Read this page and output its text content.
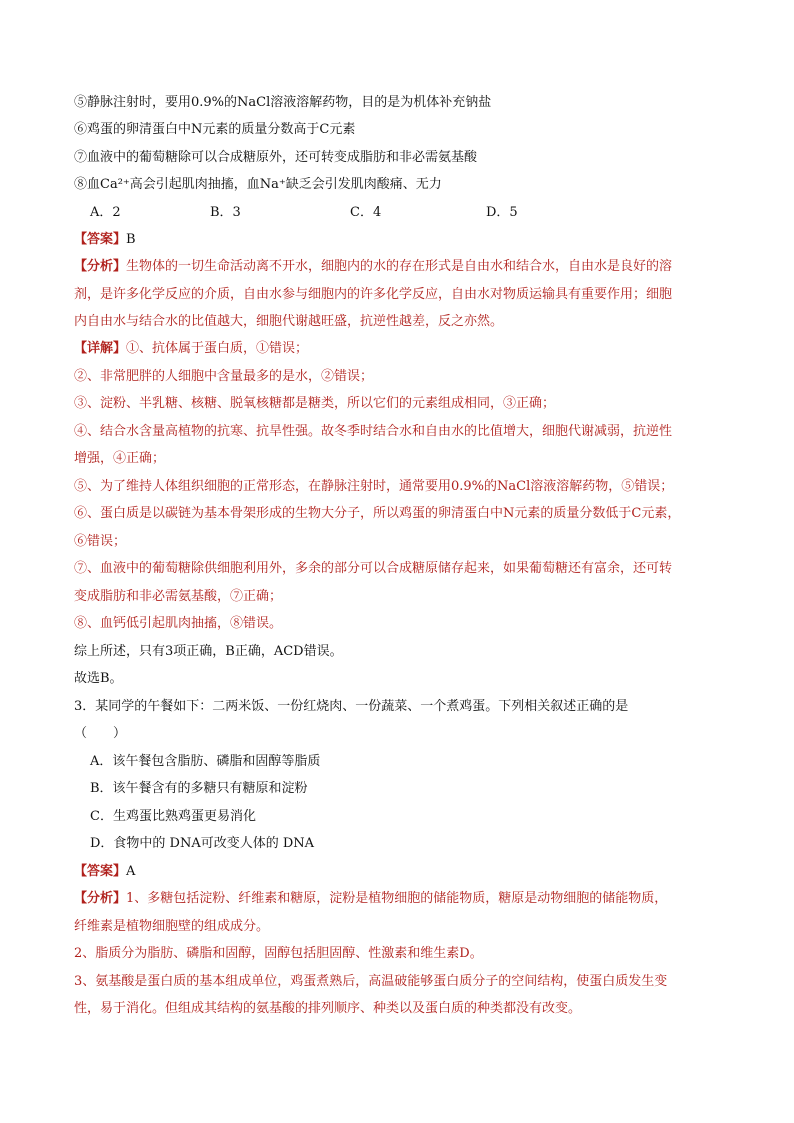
⑤静脉注射时，要用0.9%的NaCl溶液溶解药物，目的是为机体补充钠盐
⑥鸡蛋的卵清蛋白中N元素的质量分数高于C元素
⑦血液中的葡萄糖除可以合成糖原外，还可转变成脂肪和非必需氨基酸
⑧血Ca²⁺高会引起肌肉抽搐，血Na⁺缺乏会引发肌肉酸痛、无力
A．2	B．3	C．4	D．5
【答案】B
【分析】生物体的一切生命活动离不开水，细胞内的水的存在形式是自由水和结合水，自由水是良好的溶
剂，是许多化学反应的介质，自由水参与细胞内的许多化学反应，自由水对物质运输具有重要作用；细胞
内自由水与结合水的比值越大，细胞代谢越旺盛，抗逆性越差，反之亦然。
【详解】①、抗体属于蛋白质，①错误；
②、非常肥胖的人细胞中含量最多的是水，②错误；
③、淀粉、半乳糖、核糖、脱氧核糖都是糖类，所以它们的元素组成相同，③正确；
④、结合水含量高植物的抗寒、抗旱性强。故冬季时结合水和自由水的比值增大，细胞代谢减弱，抗逆性
增强，④正确；
⑤、为了维持人体组织细胞的正常形态，在静脉注射时，通常要用0.9%的NaCl溶液溶解药物，⑤错误；
⑥、蛋白质是以碳链为基本骨架形成的生物大分子，所以鸡蛋的卵清蛋白中N元素的质量分数低于C元素，
⑥错误；
⑦、血液中的葡萄糖除供细胞利用外，多余的部分可以合成糖原储存起来，如果葡萄糖还有富余，还可转
变成脂肪和非必需氨基酸，⑦正确；
⑧、血钙低引起肌肉抽搐，⑧错误。
综上所述，只有3项正确，B正确，ACD错误。
故选B。
3．某同学的午餐如下：二两米饭、一份红烧肉、一份蔬菜、一个煮鸡蛋。下列相关叙述正确的是
（　　）
A．该午餐包含脂肪、磷脂和固醇等脂质
B．该午餐含有的多糖只有糖原和淀粉
C．生鸡蛋比熟鸡蛋更易消化
D．食物中的 DNA可改变人体的 DNA
【答案】A
【分析】1、多糖包括淀粉、纤维素和糖原，淀粉是植物细胞的储能物质，糖原是动物细胞的储能物质，
纤维素是植物细胞壁的组成成分。
2、脂质分为脂肪、磷脂和固醇，固醇包括胆固醇、性激素和维生素D。
3、氨基酸是蛋白质的基本组成单位，鸡蛋煮熟后，高温破能够蛋白质分子的空间结构，使蛋白质发生变
性，易于消化。但组成其结构的氨基酸的排列顺序、种类以及蛋白质的种类都没有改变。
